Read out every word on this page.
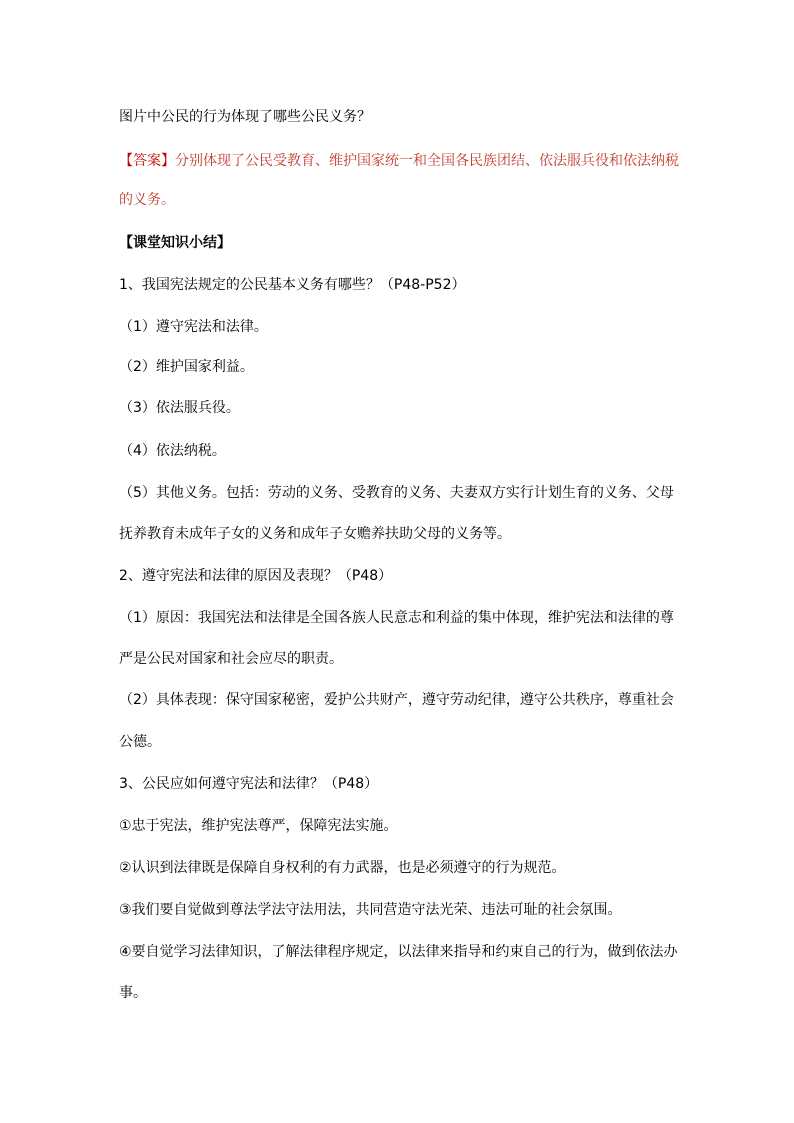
图片中公民的行为体现了哪些公民义务？
【答案】分别体现了公民受教育、维护国家统一和全国各民族团结、依法服兵役和依法纳税
的义务。
【课堂知识小结】
1、我国宪法规定的公民基本义务有哪些？（P48-P52）
（1）遵守宪法和法律。
（2）维护国家利益。
（3）依法服兵役。
（4）依法纳税。
（5）其他义务。包括：劳动的义务、受教育的义务、夫妻双方实行计划生育的义务、父母
抚养教育未成年子女的义务和成年子女赡养扶助父母的义务等。
2、遵守宪法和法律的原因及表现？（P48）
（1）原因：我国宪法和法律是全国各族人民意志和利益的集中体现，维护宪法和法律的尊
严是公民对国家和社会应尽的职责。
（2）具体表现：保守国家秘密，爱护公共财产，遵守劳动纪律，遵守公共秩序，尊重社会
公德。
3、公民应如何遵守宪法和法律？（P48）
①忠于宪法，维护宪法尊严，保障宪法实施。
②认识到法律既是保障自身权利的有力武器，也是必须遵守的行为规范。
③我们要自觉做到尊法学法守法用法，共同营造守法光荣、违法可耻的社会氛围。
④要自觉学习法律知识，了解法律程序规定，以法律来指导和约束自己的行为，做到依法办
事。
